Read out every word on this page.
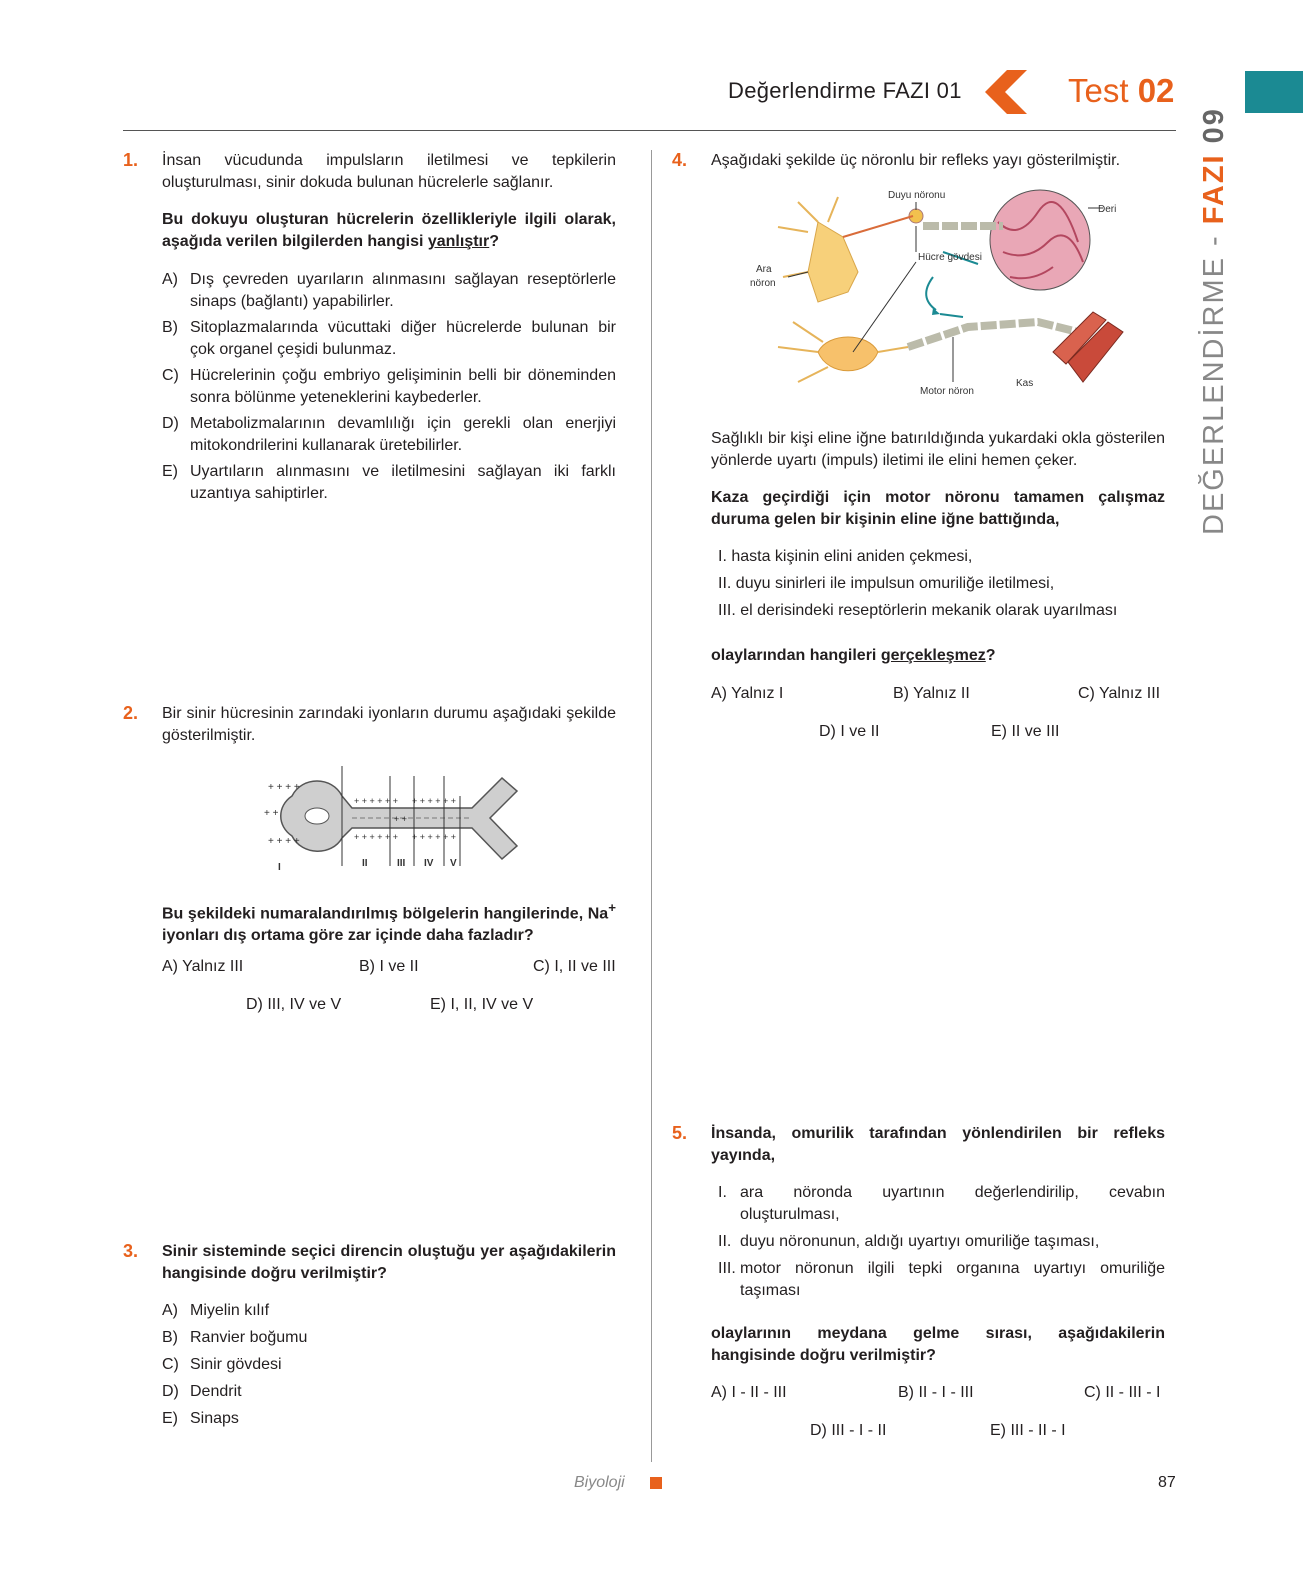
Değerlendirme FAZI 01	Test 02
DEĞERLENDİRME - FAZI 09
1. İnsan vücudunda impulsların iletilmesi ve tepkilerin oluşturulması, sinir dokuda bulunan hücrelerle sağlanır.
Bu dokuyu oluşturan hücrelerin özellikleriyle ilgili olarak, aşağıda verilen bilgilerden hangisi yanlıştır?
A) Dış çevreden uyarıların alınmasını sağlayan reseptörlerle sinaps (bağlantı) yapabilirler.
B) Sitoplazmalarında vücuttaki diğer hücrelerde bulunan bir çok organel çeşidi bulunmaz.
C) Hücrelerinin çoğu embriyo gelişiminin belli bir döneminden sonra bölünme yeteneklerini kaybederler.
D) Metabolizmalarının devamlılığı için gerekli olan enerjiyi mitokondrilerini kullanarak üretebilirler.
E) Uyartıların alınmasını ve iletilmesini sağlayan iki farklı uzantıya sahiptirler.
2. Bir sinir hücresinin zarındaki iyonların durumu aşağıdaki şekilde gösterilmiştir.
+ + + +
+ +
+ + + +
+ + + + + + + + + + + +
+ + + + + + + + + + + +
+ +
I	II	III IV V
Bu şekildeki numaralandırılmış bölgelerin hangilerinde, Na+ iyonları dış ortama göre zar içinde daha fazladır?
A) Yalnız III	B) I ve II	C) I, II ve III
D) III, IV ve V	E) I, II, IV ve V
3. Sinir sisteminde seçici direncin oluştuğu yer aşağıdakilerin hangisinde doğru verilmiştir?
A) Miyelin kılıf
B) Ranvier boğumu
C) Sinir gövdesi
D) Dendrit
E) Sinaps
4. Aşağıdaki şekilde üç nöronlu bir refleks yayı gösterilmiştir.
Duyu nöronu
Deri
Hücre gövdesi
Ara
nöron
Motor nöron
Kas
Sağlıklı bir kişi eline iğne batırıldığında yukardaki okla gösterilen yönlerde uyartı (impuls) iletimi ile elini hemen çeker.
Kaza geçirdiği için motor nöronu tamamen çalışmaz duruma gelen bir kişinin eline iğne battığında,
I. hasta kişinin elini aniden çekmesi,
II. duyu sinirleri ile impulsun omuriliğe iletilmesi,
III. el derisindeki reseptörlerin mekanik olarak uyarılması
olaylarından hangileri gerçekleşmez?
A) Yalnız I	B) Yalnız II	C) Yalnız III
D) I ve II	E) II ve III
5. İnsanda, omurilik tarafından yönlendirilen bir refleks yayında,
I. ara nöronda uyartının değerlendirilip, cevabın oluşturulması,
II. duyu nöronunun, aldığı uyartıyı omuriliğe taşıması,
III. motor nöronun ilgili tepki organına uyartıyı omuriliğe taşıması
olaylarının meydana gelme sırası, aşağıdakilerin hangisinde doğru verilmiştir?
A) I - II - III	B) II - I - III	C) II - III - I
D) III - I - II	E) III - II - I
Biyoloji	87
